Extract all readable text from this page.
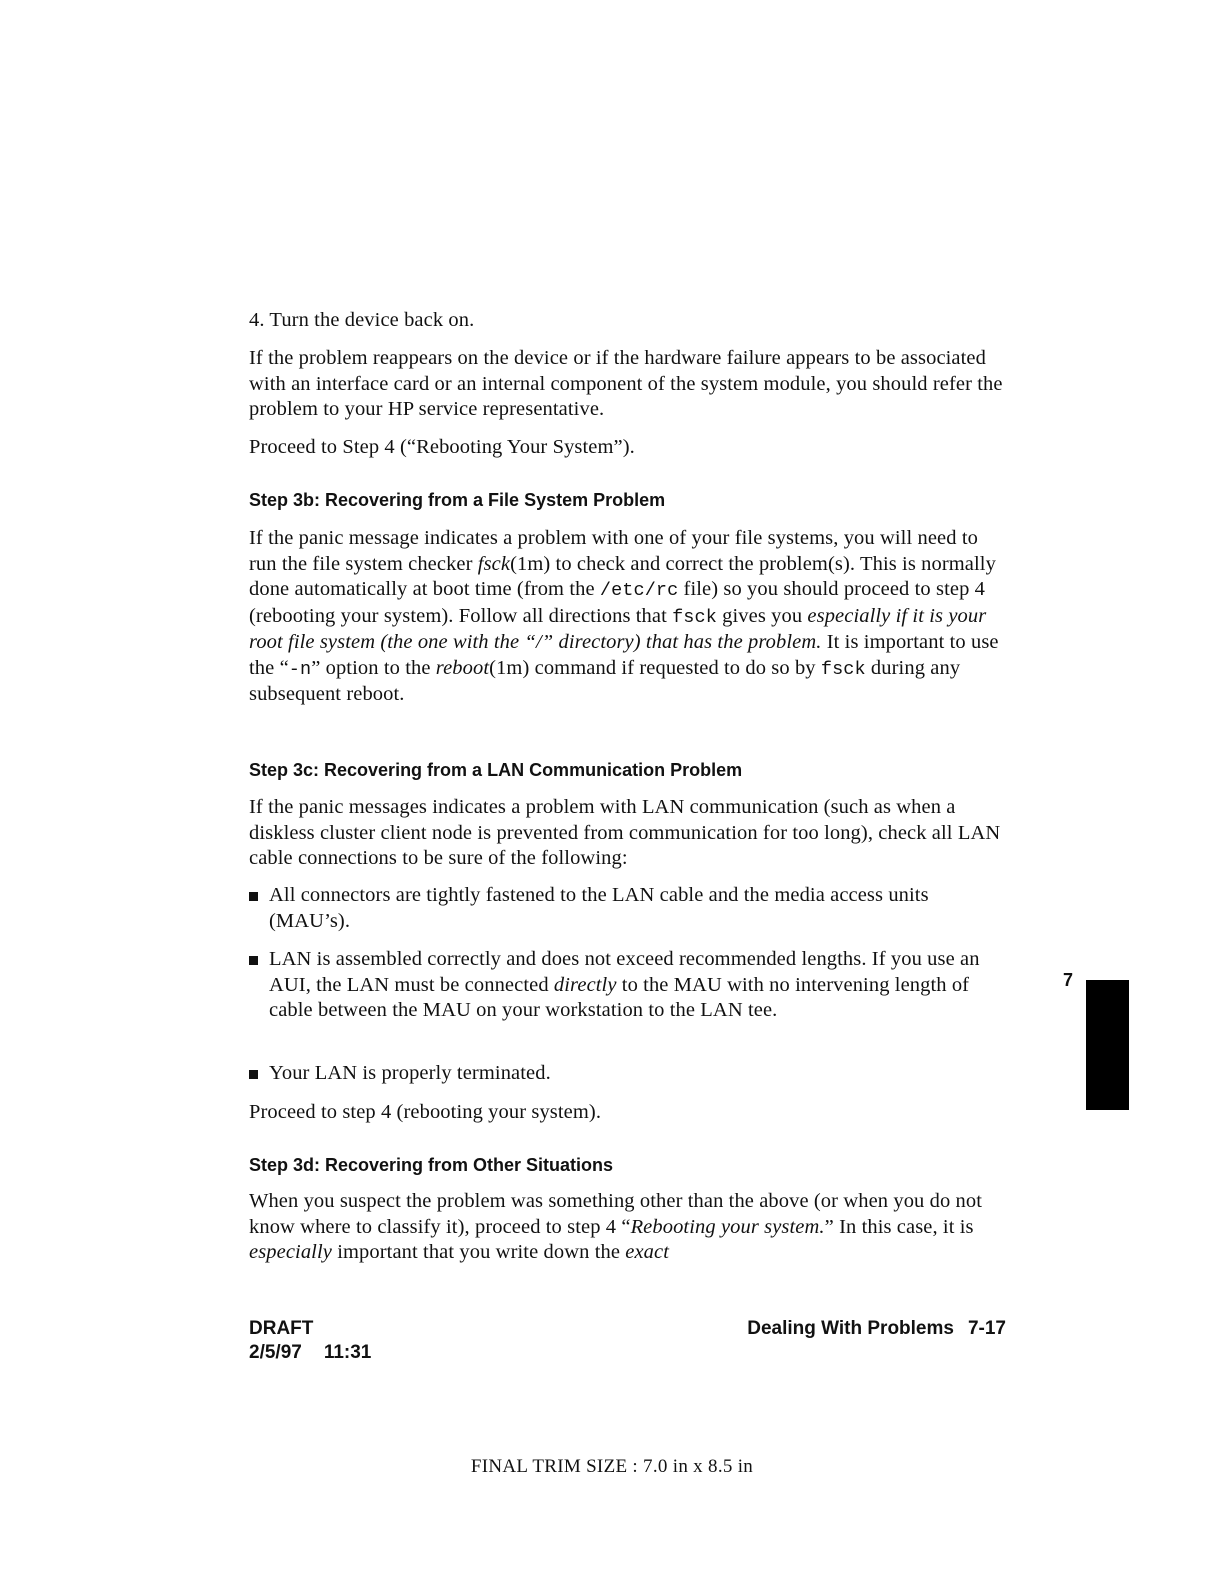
4. Turn the device back on.
If the problem reappears on the device or if the hardware failure appears to be associated with an interface card or an internal component of the system module, you should refer the problem to your HP service representative.
Proceed to Step 4 (“Rebooting Your System”).
Step 3b: Recovering from a File System Problem
If the panic message indicates a problem with one of your file systems, you will need to run the file system checker fsck(1m) to check and correct the problem(s). This is normally done automatically at boot time (from the /etc/rc file) so you should proceed to step 4 (rebooting your system). Follow all directions that fsck gives you especially if it is your root file system (the one with the “/” directory) that has the problem. It is important to use the “-n” option to the reboot(1m) command if requested to do so by fsck during any subsequent reboot.
Step 3c: Recovering from a LAN Communication Problem
If the panic messages indicates a problem with LAN communication (such as when a diskless cluster client node is prevented from communication for too long), check all LAN cable connections to be sure of the following:
All connectors are tightly fastened to the LAN cable and the media access units (MAU’s).
LAN is assembled correctly and does not exceed recommended lengths. If you use an AUI, the LAN must be connected directly to the MAU with no intervening length of cable between the MAU on your workstation to the LAN tee.
Your LAN is properly terminated.
Proceed to step 4 (rebooting your system).
Step 3d: Recovering from Other Situations
When you suspect the problem was something other than the above (or when you do not know where to classify it), proceed to step 4 “Rebooting your system.” In this case, it is especially important that you write down the exact
DRAFT
2/5/97 11:31
Dealing With Problems 7-17
7
FINAL TRIM SIZE : 7.0 in x 8.5 in
